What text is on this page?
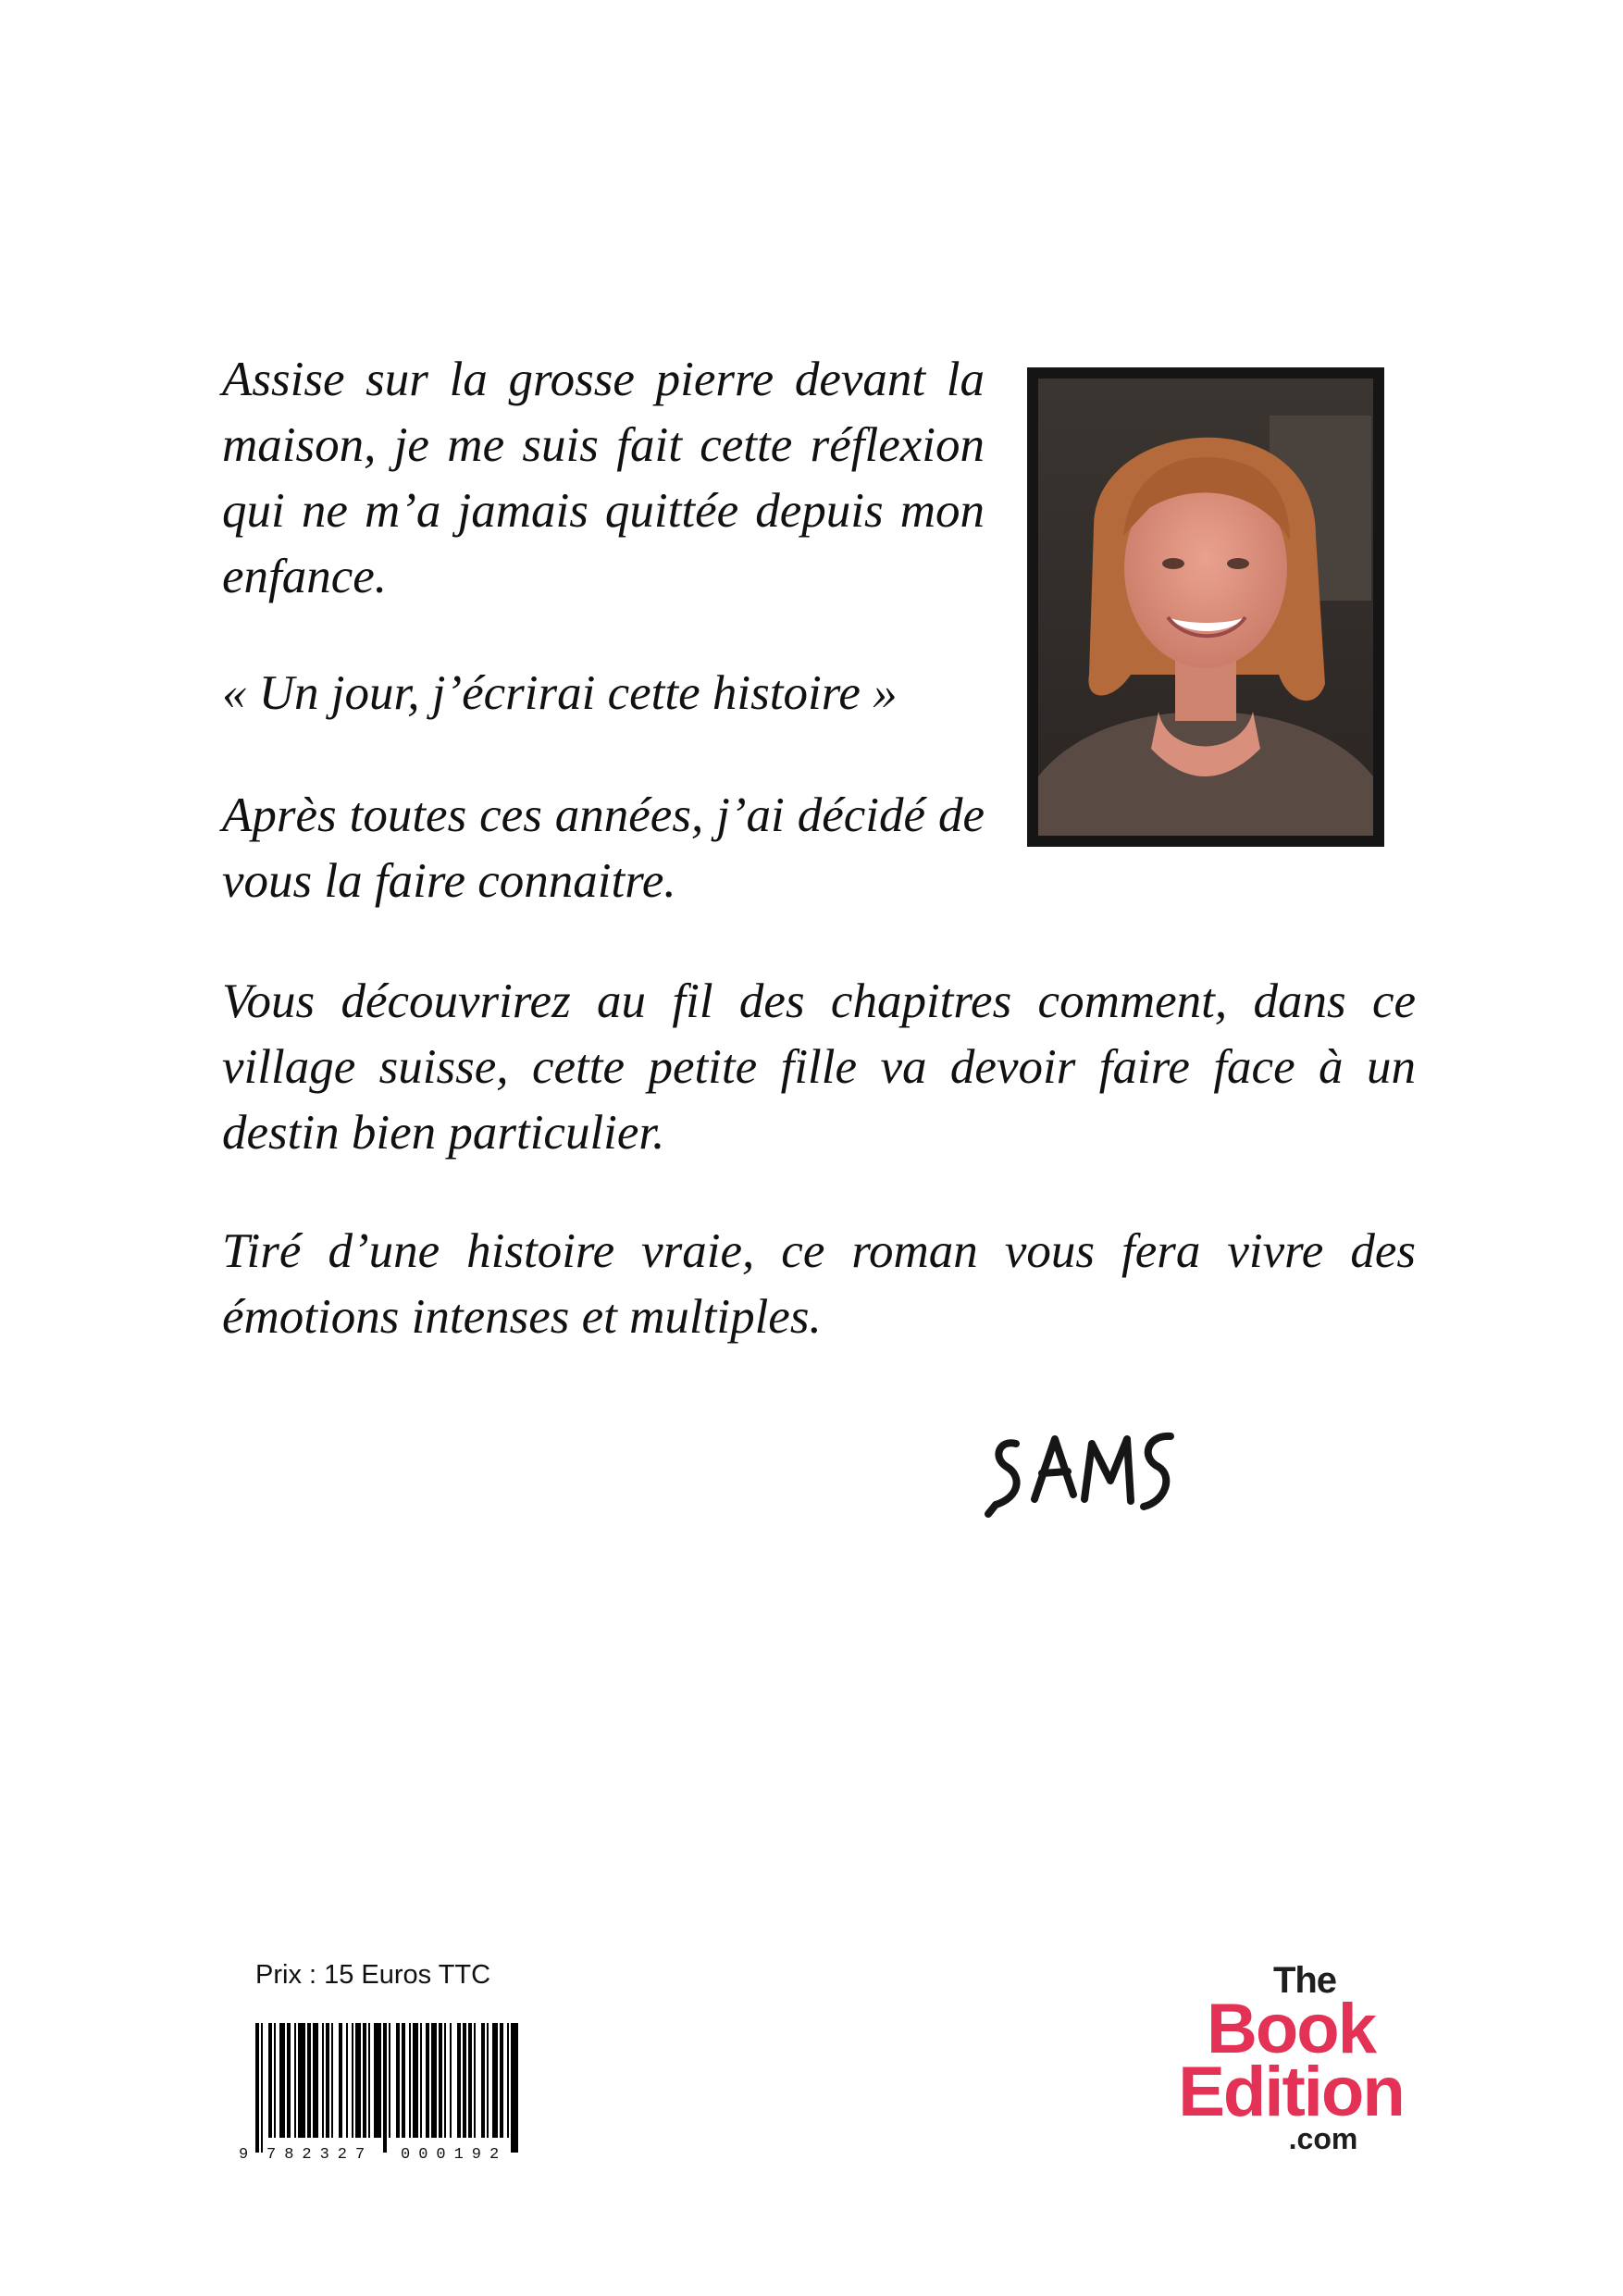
Assise sur la grosse pierre devant la maison, je me suis fait cette réflexion qui ne m’a jamais quittée depuis mon enfance.

« Un jour, j’écrirai cette histoire »

Après toutes ces années, j’ai décidé de vous la faire connaitre.

Vous découvrirez au fil des chapitres comment, dans ce village suisse, cette petite fille va devoir faire face à un destin bien particulier.

Tiré d’une histoire vraie, ce roman vous fera vivre des émotions intenses et multiples.

Prix : 15 Euros TTC
9 782327 000192
The
Book
Edition
.com
